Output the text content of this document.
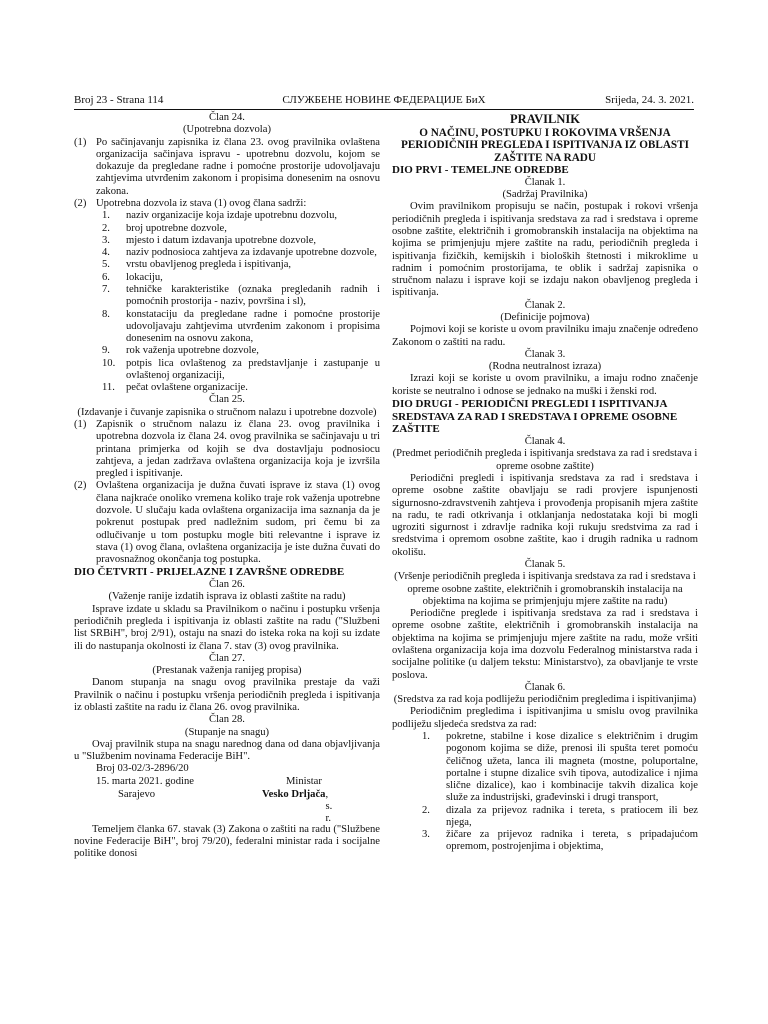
Broj 23 - Strana 114	СЛУЖБЕНЕ НОВИНЕ ФЕДЕРАЦИЈЕ БиХ	Srijeda, 24. 3. 2021.

Član 24.

(Upotrebna dozvola)

(1) Po sačinjavanju zapisnika iz člana 23. ovog pravilnika ovlaštena organizacija sačinjava ispravu - upotrebnu dozvolu, kojom se dokazuje da pregledane radne i pomoćne prostorije udovoljavaju zahtjevima utvrđenim zakonom i propisima donesenim na osnovu zakona.
(2) Upotrebna dozvola iz stava (1) ovog člana sadrži:
1.	naziv organizacije koja izdaje upotrebnu dozvolu,
2.	broj upotrebne dozvole,
3.	mjesto i datum izdavanja upotrebne dozvole,
4.	naziv podnosioca zahtjeva za izdavanje upotrebne dozvole,
5.	vrstu obavljenog pregleda i ispitivanja,
6.	lokaciju,
7.	tehničke karakteristike (oznaka pregledanih radnih i pomoćnih prostorija - naziv, površina i sl),
8.	konstataciju da pregledane radne i pomoćne prostorije udovoljavaju zahtjevima utvrđenim zakonom i propisima donesenim na osnovu zakona,
9.	rok važenja upotrebne dozvole,
10.	potpis lica ovlaštenog za predstavljanje i zastupanje u ovlaštenoj organizaciji,
11.	pečat ovlaštene organizacije.

Član 25.

(Izdavanje i čuvanje zapisnika o stručnom nalazu i upotrebne dozvole)

(1) Zapisnik o stručnom nalazu iz člana 23. ovog pravilnika i upotrebna dozvola iz člana 24. ovog pravilnika se sačinjavaju u tri printana primjerka od kojih se dva dostavljaju podnosiocu zahtjeva, a jedan zadržava ovlaštena organizacija koja je izvršila pregled i ispitivanje.
(2) Ovlaštena organizacija je dužna čuvati isprave iz stava (1) ovog člana najkraće onoliko vremena koliko traje rok važenja upotrebne dozvole. U slučaju kada ovlaštena organizacija ima saznanja da je pokrenut postupak pred nadležnim sudom, pri čemu bi za odlučivanje u tom postupku mogle biti relevantne i isprave iz stava (1) ovog člana, ovlaštena organizacija je iste dužna čuvati do pravosnažnog okončanja tog postupka.

DIO ČETVRTI - PRIJELAZNE I ZAVRŠNE ODREDBE

Član 26.

(Važenje ranije izdatih isprava iz oblasti zaštite na radu)

Isprave izdate u skladu sa Pravilnikom o načinu i postupku vršenja periodičnih pregleda i ispitivanja iz oblasti zaštite na radu ("Službeni list SRBiH", broj 2/91), ostaju na snazi do isteka roka na koji su izdate ili do nastupanja okolnosti iz člana 7. stav (3) ovog pravilnika.

Član 27.

(Prestanak važenja ranijeg propisa)

Danom stupanja na snagu ovog pravilnika prestaje da važi Pravilnik o načinu i postupku vršenja periodičnih pregleda i ispitivanja iz oblasti zaštite na radu iz člana 26. ovog pravilnika.

Član 28.

(Stupanje na snagu)

Ovaj pravilnik stupa na snagu narednog dana od dana objavljivanja u "Službenim novinama Federacije BiH".

Broj 03-02/3-2896/20

15. marta 2021. godine	Ministar
Sarajevo	Vesko Drljača , s. r.

Temeljem članka 67. stavak (3) Zakona o zaštiti na radu ("Službene novine Federacije BiH", broj 79/20), federalni ministar rada i socijalne politike donosi

PRAVILNIK

O NAČINU, POSTUPKU I ROKOVIMA VRŠENJA PERIODIČNIH PREGLEDA I ISPITIVANJA IZ OBLASTI ZAŠTITE NA RADU

DIO PRVI - TEMELJNE ODREDBE

Članak 1.

(Sadržaj Pravilnika)

Ovim pravilnikom propisuju se način, postupak i rokovi vršenja periodičnih pregleda i ispitivanja sredstava za rad i sredstava i opreme osobne zaštite, električnih i gromobranskih instalacija na objektima na kojima se primjenjuju mjere zaštite na radu, periodičnih pregleda i ispitivanja fizičkih, kemijskih i bioloških štetnosti i mikroklime u radnim i pomoćnim prostorijama, te oblik i sadržaj zapisnika o stručnom nalazu i isprave koji se izdaju nakon obavljenog pregleda i ispitivanja.

Članak 2.

(Definicije pojmova)

Pojmovi koji se koriste u ovom pravilniku imaju značenje određeno Zakonom o zaštiti na radu.

Članak 3.

(Rodna neutralnost izraza)

Izrazi koji se koriste u ovom pravilniku, a imaju rodno značenje koriste se neutralno i odnose se jednako na muški i ženski rod.

DIO DRUGI - PERIODIČNI PREGLEDI I ISPITIVANJA SREDSTAVA ZA RAD I SREDSTAVA I OPREME OSOBNE ZAŠTITE

Članak 4.

(Predmet periodičnih pregleda i ispitivanja sredstava za rad i sredstava i opreme osobne zaštite)

Periodični pregledi i ispitivanja sredstava za rad i sredstava i opreme osobne zaštite obavljaju se radi provjere ispunjenosti sigurnosno-zdravstvenih zahtjeva i provođenja propisanih mjera zaštite na radu, te radi otkrivanja i otklanjanja nedostataka koji bi mogli ugroziti sigurnost i zdravlje radnika koji rukuju sredstvima za rad i sredstvima i opremom osobne zaštite, kao i drugih radnika u radnom okolišu.

Članak 5.

(Vršenje periodičnih pregleda i ispitivanja sredstava za rad i sredstava i opreme osobne zaštite, električnih i gromobranskih instalacija na objektima na kojima se primjenjuju mjere zaštite na radu)

Periodične preglede i ispitivanja sredstava za rad i sredstava i opreme osobne zaštite, električnih i gromobranskih instalacija na objektima na kojima se primjenjuju mjere zaštite na radu, može vršiti ovlaštena organizacija koja ima dozvolu Federalnog ministarstva rada i socijalne politike (u daljem tekstu: Ministarstvo), za obavljanje te vrste poslova.

Članak 6.

(Sredstva za rad koja podliježu periodičnim pregledima i ispitivanjima)

Periodičnim pregledima i ispitivanjima u smislu ovog pravilnika podliježu sljedeća sredstva za rad:

1.	pokretne, stabilne i kose dizalice s električnim i drugim pogonom kojima se diže, prenosi ili spušta teret pomoću čeličnog užeta, lanca ili magneta (mostne, poluportalne, portalne i stupne dizalice svih tipova, autodizalice i njima slične dizalice), kao i kombinacije takvih dizalica koje služe za industrijski, građevinski i drugi transport,
2.	dizala za prijevoz radnika i tereta, s pratiocem ili bez njega,
3.	žičare za prijevoz radnika i tereta, s pripadajućom opremom, postrojenjima i objektima,
